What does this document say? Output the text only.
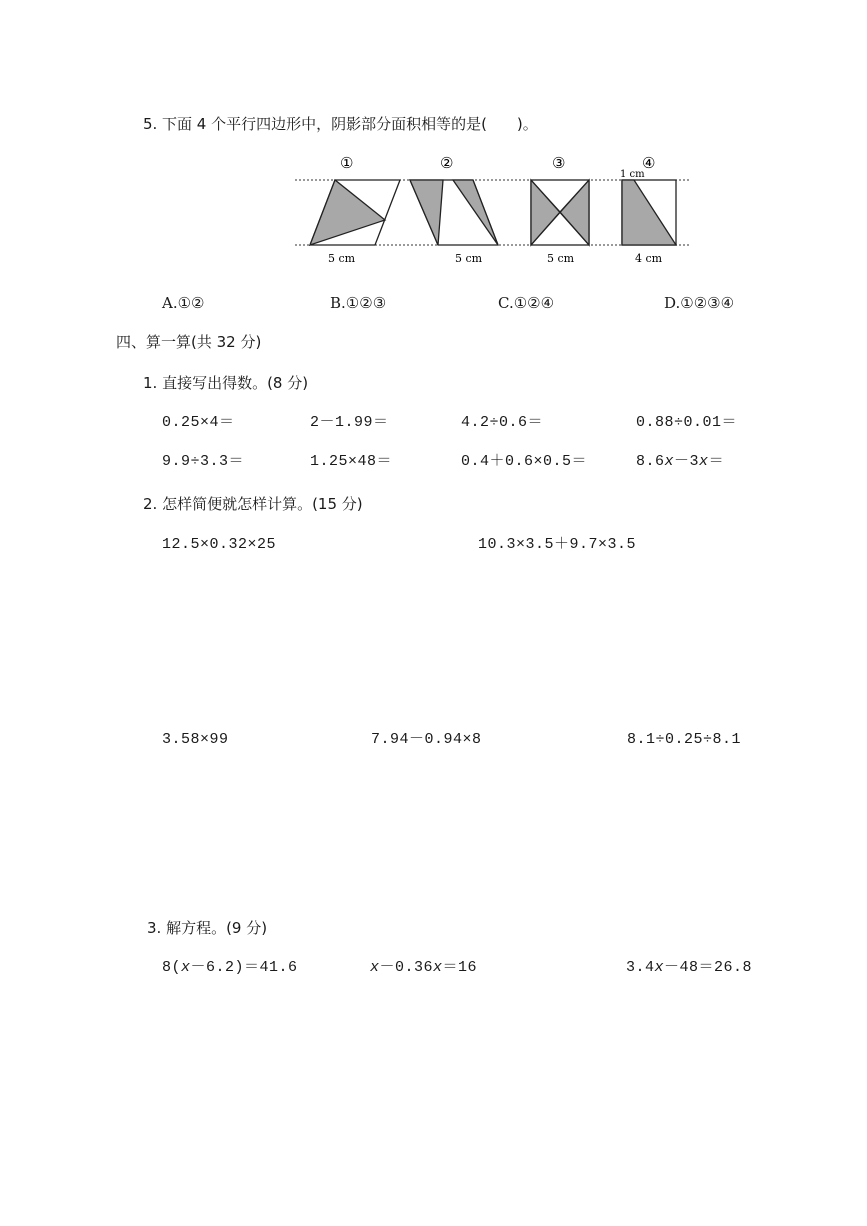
5. 下面 4 个平行四边形中，阴影部分面积相等的是(　　)。
①
5 cm
②
5 cm
③
5 cm
④
1 cm
4 cm
A.①②	B.①②③	C.①②④	D.①②③④
四、算一算(共 32 分)
1. 直接写出得数。(8 分)
0.25×4＝	2－1.99＝	4.2÷0.6＝	0.88÷0.01＝
9.9÷3.3＝	1.25×48＝	0.4＋0.6×0.5＝	8.6x－3x＝
2. 怎样简便就怎样计算。(15 分)
12.5×0.32×25	10.3×3.5＋9.7×3.5
3.58×99	7.94－0.94×8	8.1÷0.25÷8.1
3. 解方程。(9 分)
8(x－6.2)＝41.6	x－0.36x＝16	3.4x－48＝26.8
